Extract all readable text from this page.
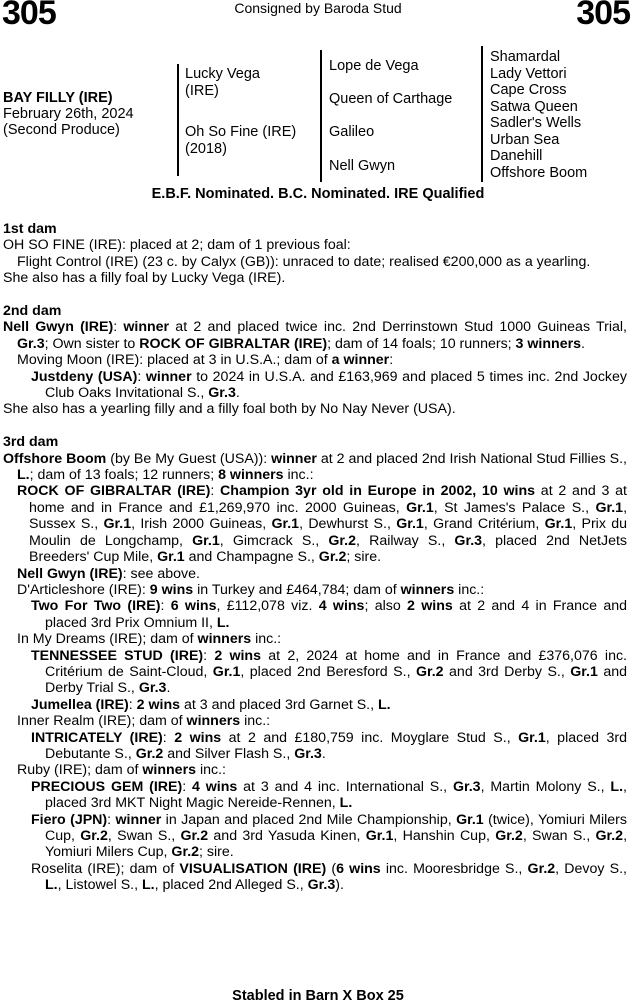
305	Consigned by Baroda Stud	305
BAY FILLY (IRE)
February 26th, 2024
(Second Produce)
Lucky Vega
(IRE)
Oh So Fine (IRE)
(2018)
Lope de Vega
Queen of Carthage
Galileo
Nell Gwyn
Shamardal
Lady Vettori
Cape Cross
Satwa Queen
Sadler's Wells
Urban Sea
Danehill
Offshore Boom
E.B.F. Nominated. B.C. Nominated. IRE Qualified
1st dam
OH SO FINE (IRE): placed at 2; dam of 1 previous foal:
Flight Control (IRE) (23 c. by Calyx (GB)): unraced to date; realised €200,000 as a yearling.
She also has a filly foal by Lucky Vega (IRE).
2nd dam
Nell Gwyn (IRE): winner at 2 and placed twice inc. 2nd Derrinstown Stud 1000 Guineas Trial, Gr.3; Own sister to ROCK OF GIBRALTAR (IRE); dam of 14 foals; 10 runners; 3 winners.
Moving Moon (IRE): placed at 3 in U.S.A.; dam of a winner:
Justdeny (USA): winner to 2024 in U.S.A. and £163,969 and placed 5 times inc. 2nd Jockey Club Oaks Invitational S., Gr.3.
She also has a yearling filly and a filly foal both by No Nay Never (USA).
3rd dam
Offshore Boom (by Be My Guest (USA)): winner at 2 and placed 2nd Irish National Stud Fillies S., L.; dam of 13 foals; 12 runners; 8 winners inc.:
ROCK OF GIBRALTAR (IRE): Champion 3yr old in Europe in 2002, 10 wins at 2 and 3 at home and in France and £1,269,970 inc. 2000 Guineas, Gr.1, St James's Palace S., Gr.1, Sussex S., Gr.1, Irish 2000 Guineas, Gr.1, Dewhurst S., Gr.1, Grand Critérium, Gr.1, Prix du Moulin de Longchamp, Gr.1, Gimcrack S., Gr.2, Railway S., Gr.3, placed 2nd NetJets Breeders' Cup Mile, Gr.1 and Champagne S., Gr.2; sire.
Nell Gwyn (IRE): see above.
D'Articleshore (IRE): 9 wins in Turkey and £464,784; dam of winners inc.:
Two For Two (IRE): 6 wins, £112,078 viz. 4 wins; also 2 wins at 2 and 4 in France and placed 3rd Prix Omnium II, L.
In My Dreams (IRE); dam of winners inc.:
TENNESSEE STUD (IRE): 2 wins at 2, 2024 at home and in France and £376,076 inc. Critérium de Saint-Cloud, Gr.1, placed 2nd Beresford S., Gr.2 and 3rd Derby S., Gr.1 and Derby Trial S., Gr.3.
Jumellea (IRE): 2 wins at 3 and placed 3rd Garnet S., L.
Inner Realm (IRE); dam of winners inc.:
INTRICATELY (IRE): 2 wins at 2 and £180,759 inc. Moyglare Stud S., Gr.1, placed 3rd Debutante S., Gr.2 and Silver Flash S., Gr.3.
Ruby (IRE); dam of winners inc.:
PRECIOUS GEM (IRE): 4 wins at 3 and 4 inc. International S., Gr.3, Martin Molony S., L., placed 3rd MKT Night Magic Nereide-Rennen, L.
Fiero (JPN): winner in Japan and placed 2nd Mile Championship, Gr.1 (twice), Yomiuri Milers Cup, Gr.2, Swan S., Gr.2 and 3rd Yasuda Kinen, Gr.1, Hanshin Cup, Gr.2, Swan S., Gr.2, Yomiuri Milers Cup, Gr.2; sire.
Roselita (IRE); dam of VISUALISATION (IRE) (6 wins inc. Mooresbridge S., Gr.2, Devoy S., L., Listowel S., L., placed 2nd Alleged S., Gr.3).
Stabled in Barn X Box 25
